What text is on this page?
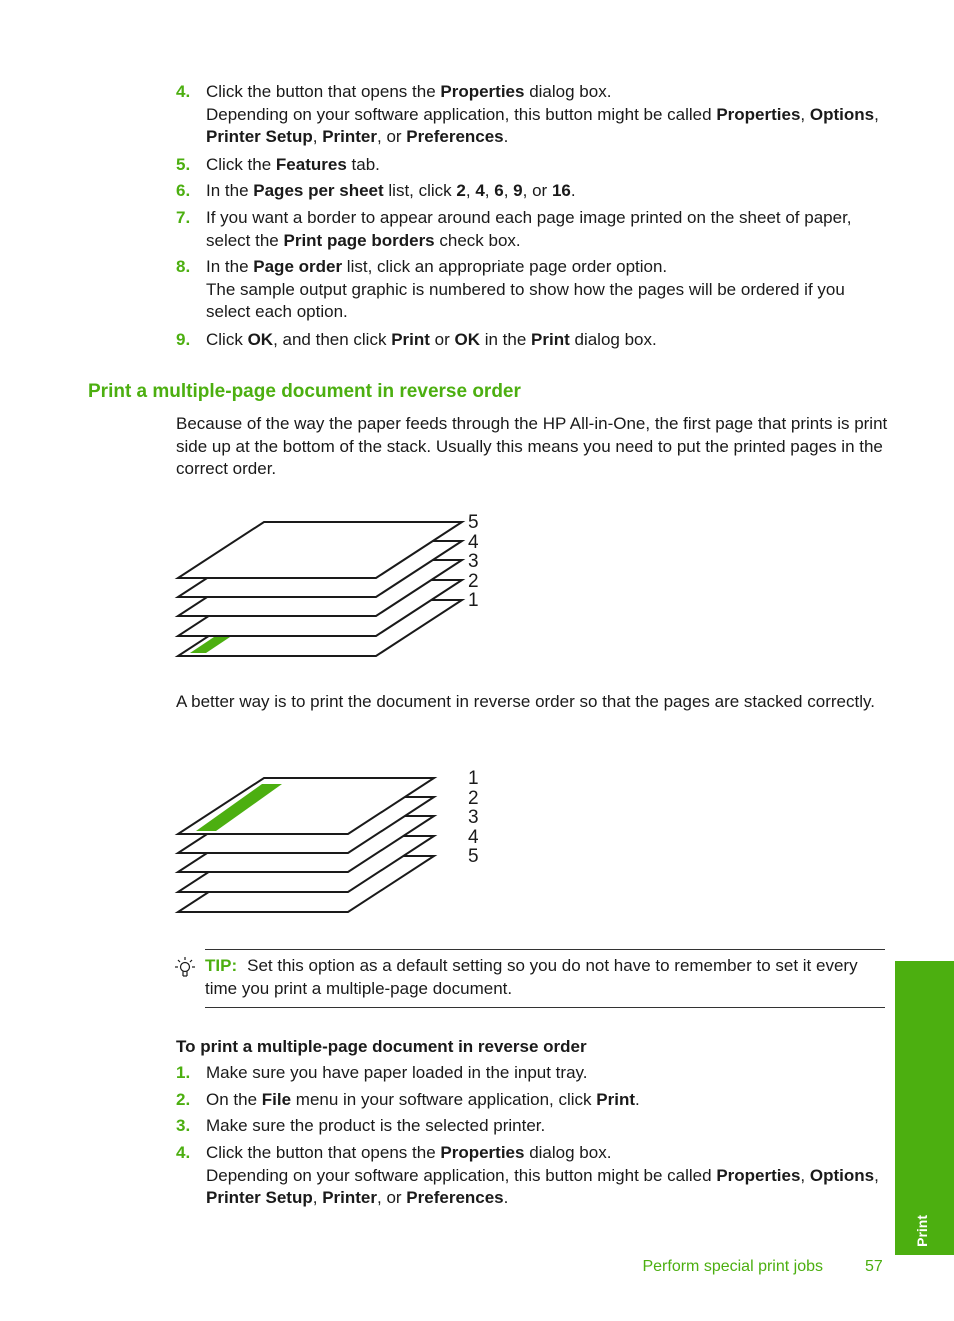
4. Click the button that opens the Properties dialog box.
Depending on your software application, this button might be called Properties, Options, Printer Setup, Printer, or Preferences.
5. Click the Features tab.
6. In the Pages per sheet list, click 2, 4, 6, 9, or 16.
7. If you want a border to appear around each page image printed on the sheet of paper, select the Print page borders check box.
8. In the Page order list, click an appropriate page order option.
The sample output graphic is numbered to show how the pages will be ordered if you select each option.
9. Click OK, and then click Print or OK in the Print dialog box.
Print a multiple-page document in reverse order
Because of the way the paper feeds through the HP All-in-One, the first page that prints is print side up at the bottom of the stack. Usually this means you need to put the printed pages in the correct order.
5
4
3
2
1
A better way is to print the document in reverse order so that the pages are stacked correctly.
1
2
3
4
5
TIP: Set this option as a default setting so you do not have to remember to set it every time you print a multiple-page document.
To print a multiple-page document in reverse order
1. Make sure you have paper loaded in the input tray.
2. On the File menu in your software application, click Print.
3. Make sure the product is the selected printer.
4. Click the button that opens the Properties dialog box.
Depending on your software application, this button might be called Properties, Options, Printer Setup, Printer, or Preferences.
Print
Perform special print jobs	57
